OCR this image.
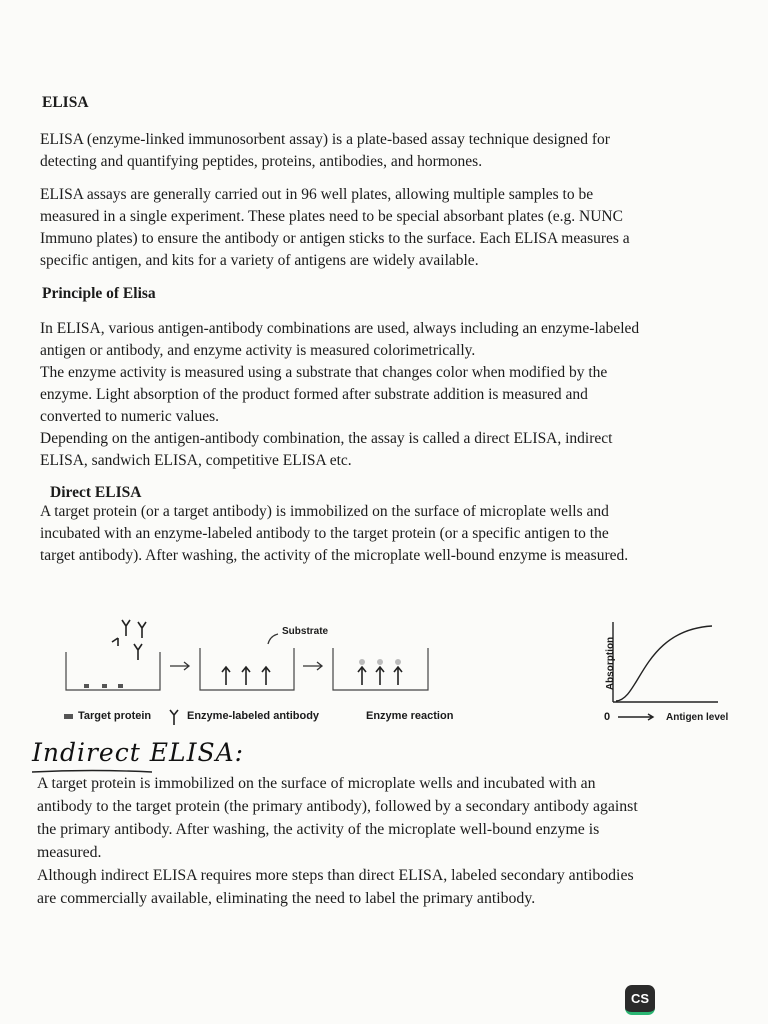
ELISA
ELISA (enzyme-linked immunosorbent assay) is a plate-based assay technique designed for
detecting and quantifying peptides, proteins, antibodies, and hormones.
ELISA assays are generally carried out in 96 well plates, allowing multiple samples to be
measured in a single experiment. These plates need to be special absorbant plates (e.g. NUNC
Immuno plates) to ensure the antibody or antigen sticks to the surface. Each ELISA measures a
specific antigen, and kits for a variety of antigens are widely available.
Principle of Elisa
In ELISA, various antigen-antibody combinations are used, always including an enzyme-labeled
antigen or antibody, and enzyme activity is measured colorimetrically.
The enzyme activity is measured using a substrate that changes color when modified by the
enzyme. Light absorption of the product formed after substrate addition is measured and
converted to numeric values.
Depending on the antigen-antibody combination, the assay is called a direct ELISA, indirect
ELISA, sandwich ELISA, competitive ELISA etc.
Direct ELISA
A target protein (or a target antibody) is immobilized on the surface of microplate wells and
incubated with an enzyme-labeled antibody to the target protein (or a specific antigen to the
target antibody). After washing, the activity of the microplate well-bound enzyme is measured.
Substrate
Target protein	Enzyme-labeled antibody	Enzyme reaction
Absorption
0	Antigen level
Indirect ELISA:
A target protein is immobilized on the surface of microplate wells and incubated with an
antibody to the target protein (the primary antibody), followed by a secondary antibody against
the primary antibody. After washing, the activity of the microplate well-bound enzyme is
measured.
Although indirect ELISA requires more steps than direct ELISA, labeled secondary antibodies
are commercially available, eliminating the need to label the primary antibody.
CS
